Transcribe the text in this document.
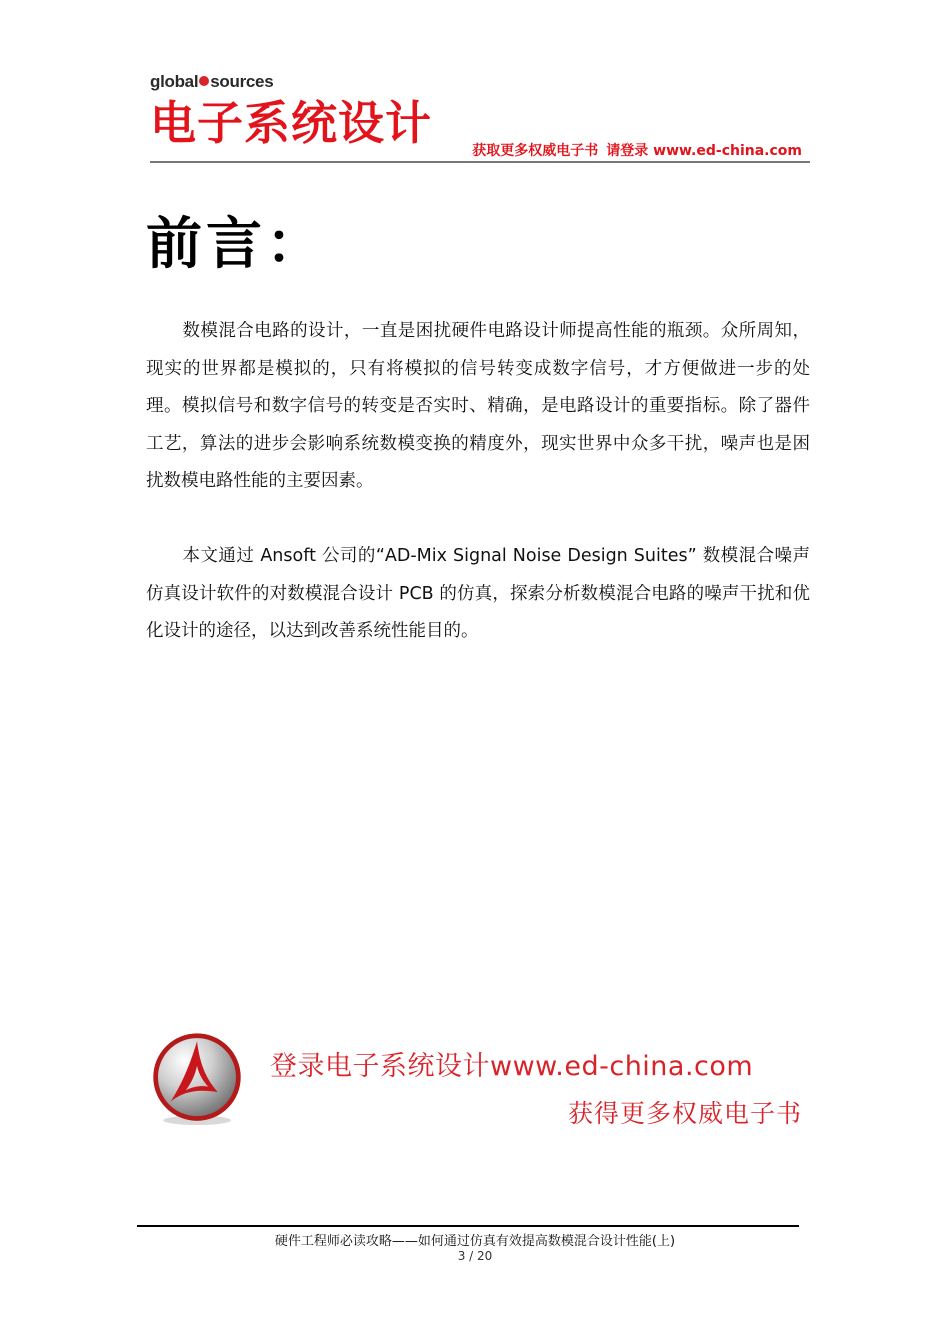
global sources
电子系统设计
获取更多权威电子书 请登录 www.ed-china.com
前言：
数模混合电路的设计，一直是困扰硬件电路设计师提高性能的瓶颈。众所周知，现实的世界都是模拟的，只有将模拟的信号转变成数字信号，才方便做进一步的处理。模拟信号和数字信号的转变是否实时、精确，是电路设计的重要指标。除了器件工艺，算法的进步会影响系统数模变换的精度外，现实世界中众多干扰，噪声也是困扰数模电路性能的主要因素。
本文通过 Ansoft 公司的“AD-Mix Signal Noise Design Suites” 数模混合噪声仿真设计软件的对数模混合设计 PCB 的仿真，探索分析数模混合电路的噪声干扰和优化设计的途径，以达到改善系统性能目的。
登录电子系统设计www.ed-china.com
获得更多权威电子书
硬件工程师必读攻略——如何通过仿真有效提高数模混合设计性能(上)
3 / 20
